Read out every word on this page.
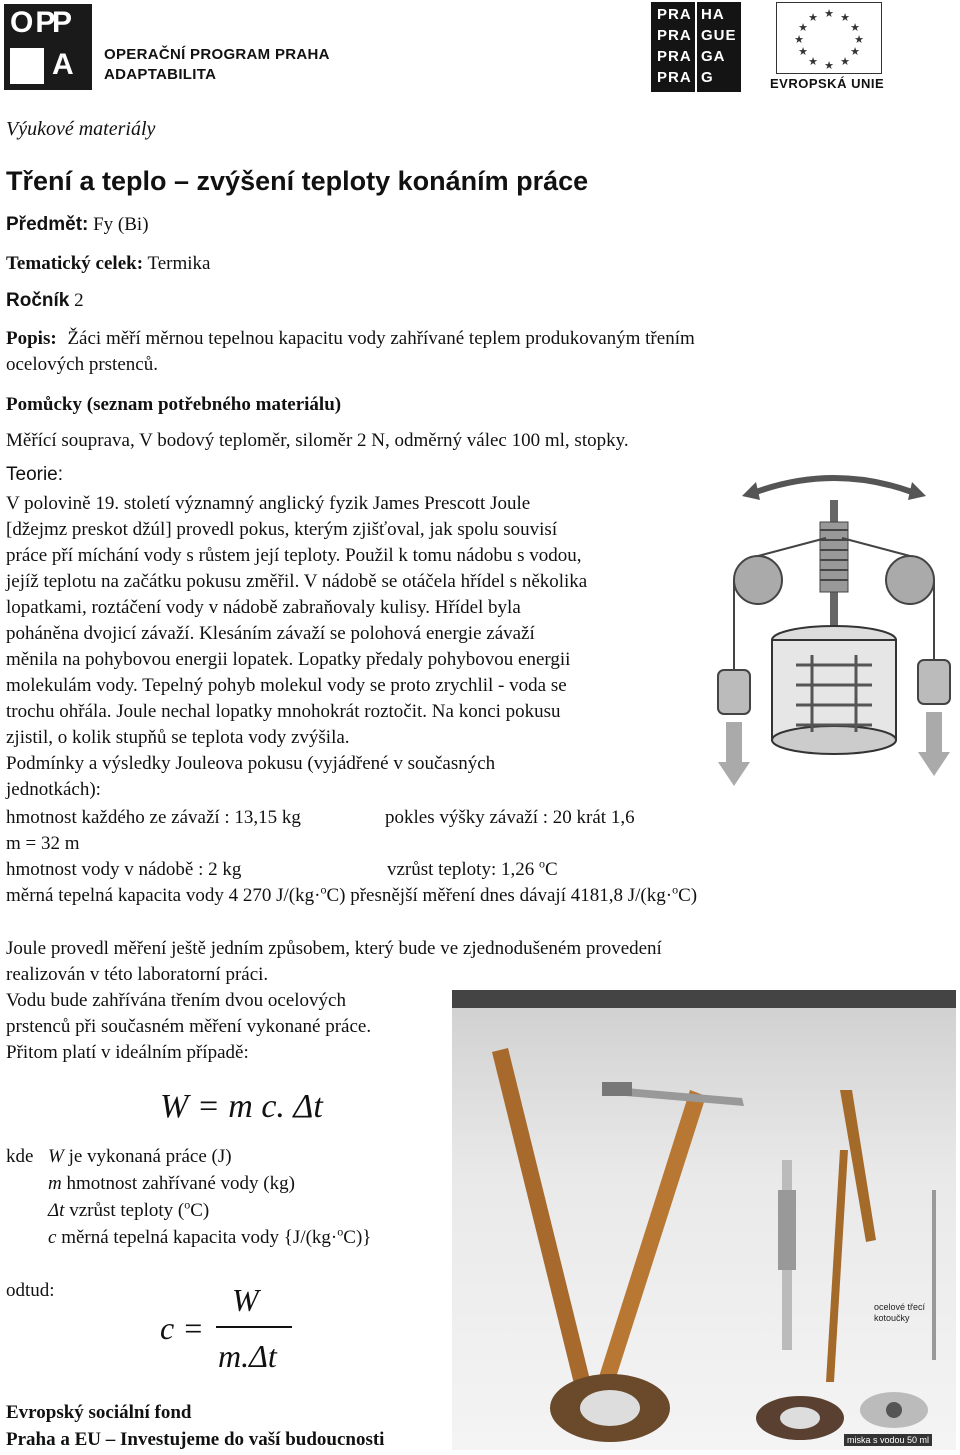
OP
P
A OPERAČNÍ PROGRAM PRAHA
ADAPTABILITA
PRA HA
PRA GUE
PRA GA
PRA G
★ ★
★
★
★
★
★
★
★
★
★
★
EVROPSKÁ UNIE
Výukové materiály
Tření a teplo – zvýšení teploty konáním práce
Předmět: Fy (Bi)
Tematický celek: Termika
Ročník 2
Popis: Žáci měří měrnou tepelnou kapacitu vody zahřívané teplem produkovaným třením
ocelových prstenců.
Pomůcky (seznam potřebného materiálu)
Měřící souprava, V bodový teploměr, siloměr 2 N, odměrný válec 100 ml, stopky.
Teorie:
V polovině 19. století významný anglický fyzik James Prescott Joule
[džejmz preskot džúl] provedl pokus, kterým zjišťoval, jak spolu souvisí
práce pří míchání vody s růstem její teploty. Použil k tomu nádobu s vodou,
jejíž teplotu na začátku pokusu změřil. V nádobě se otáčela hřídel s několika
lopatkami, roztáčení vody v nádobě zabraňovaly kulisy. Hřídel byla
poháněna dvojicí závaží. Klesáním závaží se polohová energie závaží
měnila na pohybovou energii lopatek. Lopatky předaly pohybovou energii
molekulám vody. Tepelný pohyb molekul vody se proto zrychlil - voda se
trochu ohřála. Joule nechal lopatky mnohokrát roztočit. Na konci pokusu
zjistil, o kolik stupňů se teplota vody zvýšila.
Podmínky a výsledky Jouleova pokusu (vyjádřené v současných
jednotkách):
hmotnost každého ze závaží : 13,15 kg	pokles výšky závaží : 20 krát 1,6
m = 32 m
hmotnost vody v nádobě : 2 kg	vzrůst teploty: 1,26 $^o$C
měrná tepelná kapacita vody 4 270 J/(kg·$^o$C) přesnější měření dnes dávají 4181,8 J/(kg·$^o$C)
Joule provedl měření ještě jedním způsobem, který bude ve zjednodušeném provedení
realizován v této laboratorní práci.
Vodu bude zahřívána třením dvou ocelových
prstenců při současném měření vykonané práce.
Přitom platí v ideálním případě:
W = m c. Δt
kde W je vykonaná práce (J)
m hmotnost zahřívané vody (kg)
Δt vzrůst teploty ($^o$C)
c měrná tepelná kapacita vody {J/(kg·$^o$C)}
odtud:
c =
W
m.Δt
Evropský sociální fond
Praha a EU – Investujeme do vaší budoucnosti
ocelové třecí
kotoučky
miska s vodou 50 ml
